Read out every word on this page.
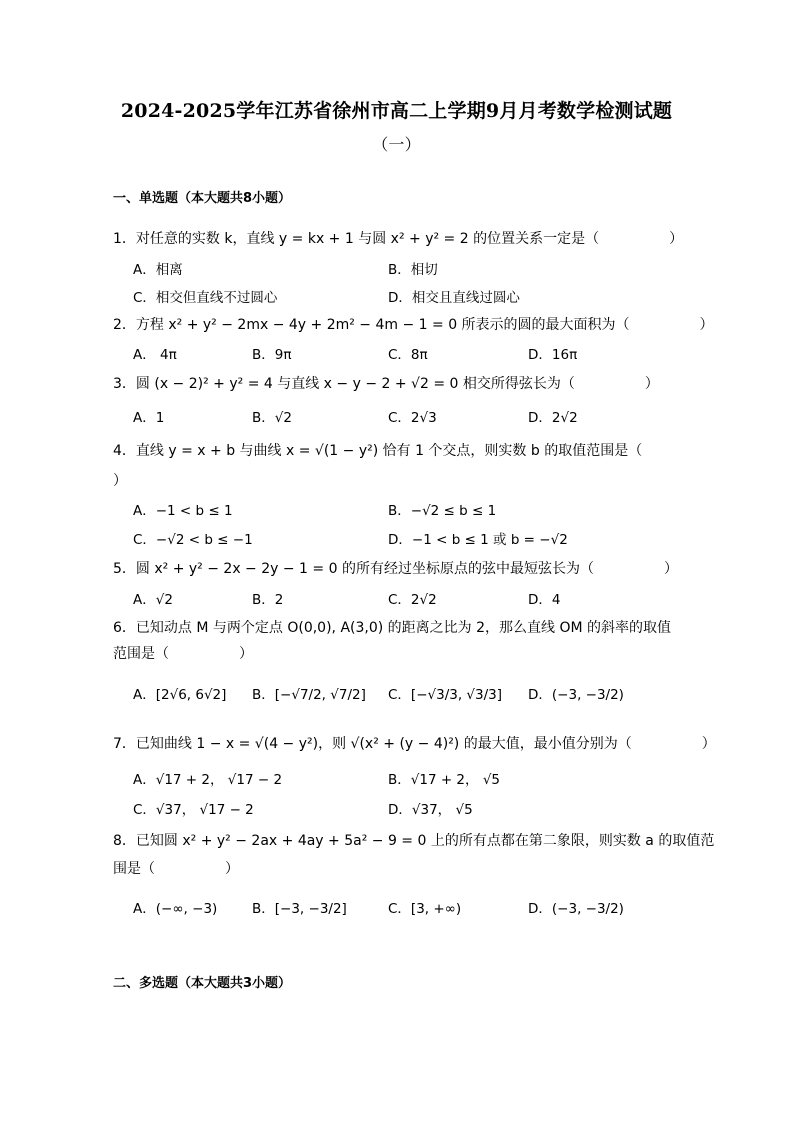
2024-2025学年江苏省徐州市高二上学期9月月考数学检测试题
（一）
一、单选题（本大题共8小题）
1．对任意的实数 k，直线 y = kx + 1 与圆 x² + y² = 2 的位置关系一定是（　　　　　）
A．相离	B．相切
C．相交但直线不过圆心	D．相交且直线过圆心
2．方程 x² + y² − 2mx − 4y + 2m² − 4m − 1 = 0 所表示的圆的最大面积为（　　　　　）
A． 4π	B．9π	C．8π	D．16π
3．圆 (x − 2)² + y² = 4 与直线 x − y − 2 + √2 = 0 相交所得弦长为（　　　　　）
A．1	B．√2	C．2√3	D．2√2
4．直线 y = x + b 与曲线 x = √(1 − y²) 恰有 1 个交点，则实数 b 的取值范围是（
）
A．−1 < b ≤ 1	B．−√2 ≤ b ≤ 1
C．−√2 < b ≤ −1	D．−1 < b ≤ 1 或 b = −√2
5．圆 x² + y² − 2x − 2y − 1 = 0 的所有经过坐标原点的弦中最短弦长为（　　　　　）
A．√2	B．2	C．2√2	D．4
6．已知动点 M 与两个定点 O(0,0), A(3,0) 的距离之比为 2，那么直线 OM 的斜率的取值
范围是（　　　　　）
A．[2√6, 6√2] B．[−√7/2, √7/2] C．[−√3/3, √3/3] D．(−3, −3/2)
7．已知曲线 1 − x = √(4 − y²)，则 √(x² + (y − 4)²) 的最大值，最小值分别为（　　　　　）
A．√17 + 2， √17 − 2	B．√17 + 2， √5
C．√37， √17 − 2	D．√37， √5
8．已知圆 x² + y² − 2ax + 4ay + 5a² − 9 = 0 上的所有点都在第二象限，则实数 a 的取值范
围是（　　　　　）
A．(−∞, −3)	B．[−3, −3/2]	C．[3, +∞)	D．(−3, −3/2)
二、多选题（本大题共3小题）
